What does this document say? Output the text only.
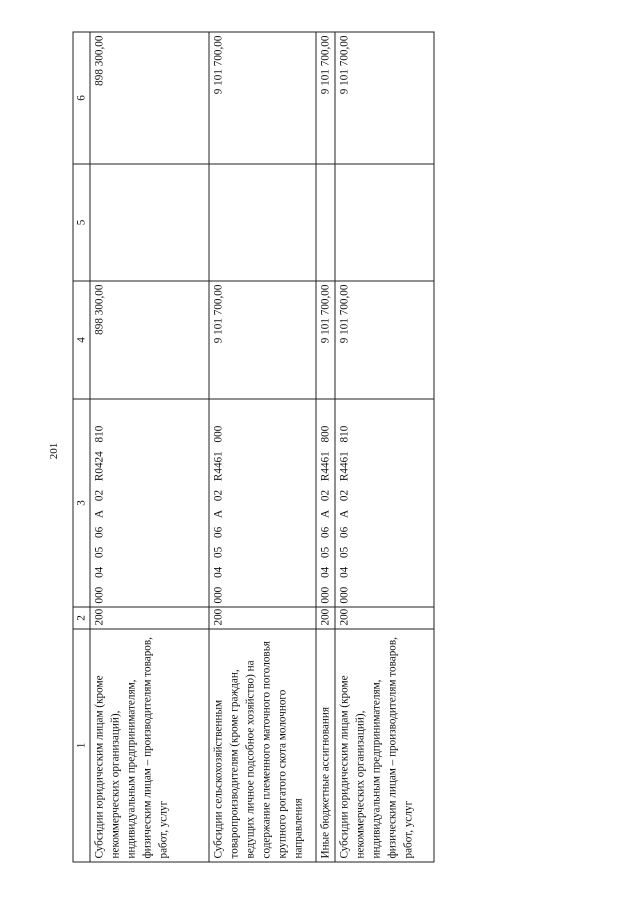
201
1	2	3	4	5	6
Субсидии юридическим лицам (кроме некоммерческих организаций), индивидуальным предпринимателям, физическим лицам – производителям товаров, работ, услуг	200	000 04 05 06 А 02 R0424 810	898 300,00		898 300,00
Субсидии сельскохозяйственным товаропроизводителям (кроме граждан, ведущих личное подсобное хозяйство) на содержание племенного маточного поголовья крупного рогатого скота молочного направления	200	000 04 05 06 А 02 R4461 000	9 101 700,00		9 101 700,00
Иные бюджетные ассигнования	200	000 04 05 06 А 02 R4461 800	9 101 700,00		9 101 700,00
Субсидии юридическим лицам (кроме некоммерческих организаций), индивидуальным предпринимателям, физическим лицам – производителям товаров, работ, услуг	200	000 04 05 06 А 02 R4461 810	9 101 700,00		9 101 700,00
